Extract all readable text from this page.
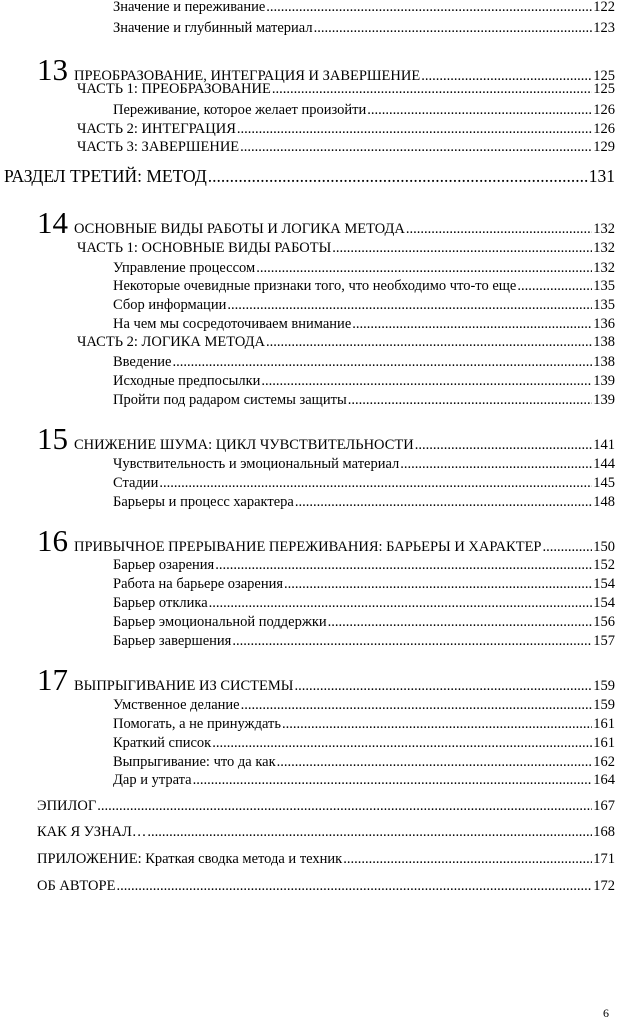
Значение и переживание .....	122
Значение и глубинный материал .....	123
13 ПРЕОБРАЗОВАНИЕ, ИНТЕГРАЦИЯ И ЗАВЕРШЕНИЕ .....	125
ЧАСТЬ 1: ПРЕОБРАЗОВАНИЕ .....	125
Переживание, которое желает произойти .....	126
ЧАСТЬ 2: ИНТЕГРАЦИЯ .....	126
ЧАСТЬ 3: ЗАВЕРШЕНИЕ .....	129
РАЗДЕЛ ТРЕТИЙ: МЕТОД .....	131
14 ОСНОВНЫЕ ВИДЫ РАБОТЫ И ЛОГИКА МЕТОДА .....	132
ЧАСТЬ 1: ОСНОВНЫЕ ВИДЫ РАБОТЫ .....	132
Управление процессом .....	132
Некоторые очевидные признаки того, что необходимо что-то еще .....	135
Сбор информации .....	135
На чем мы сосредоточиваем внимание .....	136
ЧАСТЬ 2: ЛОГИКА МЕТОДА .....	138
Введение .....	138
Исходные предпосылки .....	139
Пройти под радаром системы защиты .....	139
15 СНИЖЕНИЕ ШУМА: ЦИКЛ ЧУВСТВИТЕЛЬНОСТИ .....	141
Чувствительность и эмоциональный материал .....	144
Стадии .....	145
Барьеры и процесс характера .....	148
16 ПРИВЫЧНОЕ ПРЕРЫВАНИЕ ПЕРЕЖИВАНИЯ: БАРЬЕРЫ И ХАРАКТЕР .....	150
Барьер озарения .....	152
Работа на барьере озарения .....	154
Барьер отклика .....	154
Барьер эмоциональной поддержки .....	156
Барьер завершения .....	157
17 ВЫПРЫГИВАНИЕ ИЗ СИСТЕМЫ .....	159
Умственное делание .....	159
Помогать, а не принуждать .....	161
Краткий список .....	161
Выпрыгивание: что да как .....	162
Дар и утрата .....	164
ЭПИЛОГ .....	167
КАК Я УЗНАЛ… .....	168
ПРИЛОЖЕНИЕ: Краткая сводка метода и техник .....	171
ОБ АВТОРЕ .....	172
6
